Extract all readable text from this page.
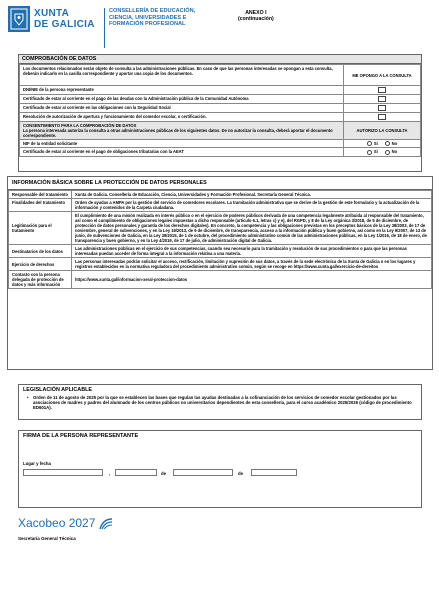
XUNTA
DE GALICIA
CONSELLERÍA DE EDUCACIÓN,
CIENCIA, UNIVERSIDADES E
FORMACIÓN PROFESIONAL
ANEXO I
(continuación)
COMPROBACIÓN DE DATOS
Los documentos relacionados serán objeto de consulta a las administraciones públicas. En caso de que las personas interesadas se opongan a esta consulta, deberán indicarlo en la casilla correspondiente y aportar una copia de los documentos.	ME OPONGO A LA CONSULTA
DNI/NIE de la persona representante	
Certificado de estar al corriente en el pago de las deudas con la Administración pública de la Comunidad Autónoma	
Certificado de estar al corriente en las obligaciones con la Seguridad Social	
Resolución de autorización de apertura y funcionamiento del comedor escolar, o certificación.	

CONSENTIMIENTO PARA LA COMPROBACIÓN DE DATOS
La persona interesada autoriza la consulta a otras administraciones públicas de los siguientes datos. De no autorizar la consulta, deberá aportar el documento correspondiente.	AUTORIZO LA CONSULTA
NIF de la entidad solicitante	Sí No
Certificado de estar al corriente en el pago de obligaciones tributarias con la AEAT	Sí No
INFORMACIÓN BÁSICA SOBRE LA PROTECCIÓN DE DATOS PERSONALES
Responsable del tratamiento	Xunta de Galicia. Consellería de Educación, Ciencia, Universidades y Formación Profesional. Secretaría General Técnica.
Finalidades del tratamiento	Orden de ayudas a AMPA por la gestión del servicio de comedores escolares. La tramitación administrativa que se derive de la gestión de este formulario y la actualización de la información y contenidos de la Carpeta ciudadana.
Legitimación para el tratamiento	El cumplimiento de una misión realizada en interés público o en el ejercicio de poderes públicos derivada de una competencia legalmente atribuida al responsable del tratamiento, así como el cumplimiento de obligaciones legales impuestas a dicho responsable (artículo 6.1, letras c) y e), del RGPD, y 8 de la Ley orgánica 3/2018, de 5 de diciembre, de protección de datos personales y garantía de los derechos digitales). En concreto, la competencia y las obligaciones previstas en los preceptos básicos de la Ley 38/2003, de 17 de noviembre, general de subvenciones, y en la Ley 19/2013, de 9 de diciembre, de transparencia, acceso a la información pública y buen gobierno, así como en la Ley 9/2007, de 13 de junio, de subvenciones de Galicia, en la Ley 39/2015, de 1 de octubre, del procedimiento administrativo común de las administraciones públicas, en la Ley 1/2016, de 18 de enero, de transparencia y buen gobierno, y en la Ley 4/2019, de 17 de julio, de administración digital de Galicia.
Destinatarios de los datos	Las administraciones públicas en el ejercicio de sus competencias, cuando sea necesario para la tramitación y resolución de sus procedimientos o para que las personas interesadas puedan acceder de forma integral a la información relativa a una materia.
Ejercicio de derechos	Las personas interesadas podrán solicitar el acceso, rectificación, limitación y supresión de sus datos, a través de la sede electrónica de la Xunta de Galicia o en los lugares y registros establecidos en la normativa reguladora del procedimiento administrativo común, según se recoge en https://www.xunta.gal/exercicio-de-dereitos
Contacto con la persona delegada de protección de datos y más información	https://www.xunta.gal/informacion-xeral-proteccion-datos
LEGISLACIÓN APLICABLE
• Orden de 11 de agosto de 2025 por la que se establecen las bases que regulan las ayudas destinadas a la cofinanciación de los servicios de comedor escolar gestionados por las asociaciones de madres y padres del alumnado de los centros públicos no universitarios dependientes de esta consellería, para el curso académico 2025/2026 (código de procedimiento ED601A).
FIRMA DE LA PERSONA REPRESENTANTE
Lugar y fecha
,	de	de
Xacobeo 2027
Secretaría General Técnica
